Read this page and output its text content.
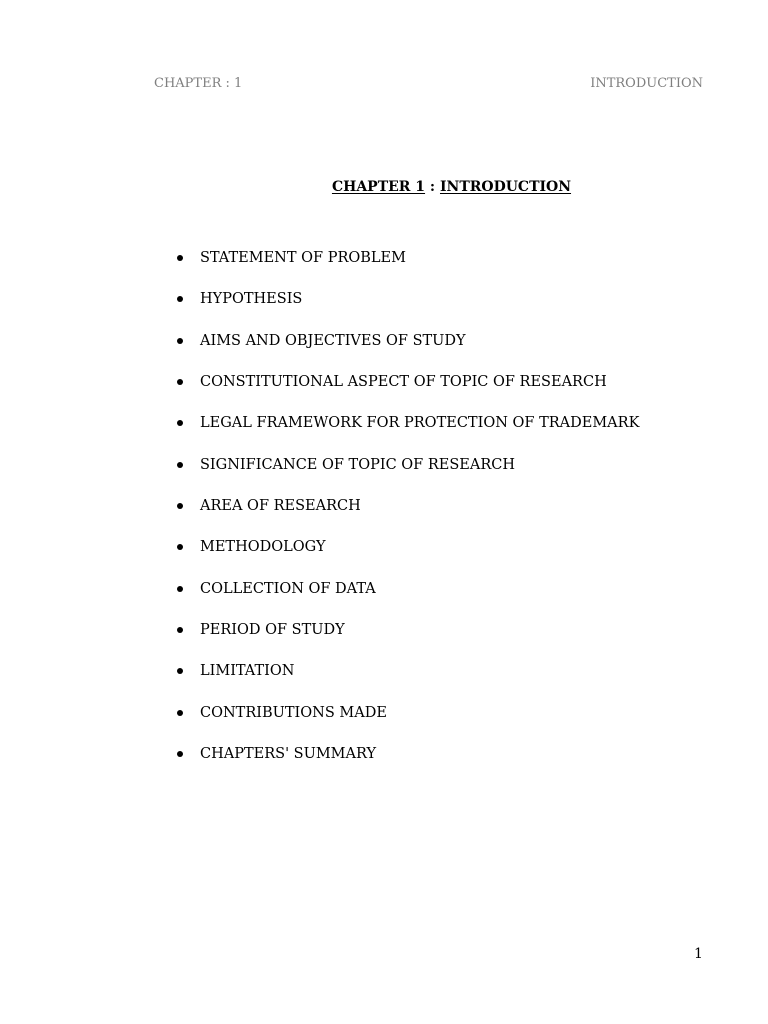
CHAPTER : 1	INTRODUCTION
CHAPTER 1 : INTRODUCTION
STATEMENT OF PROBLEM
HYPOTHESIS
AIMS AND OBJECTIVES OF STUDY
CONSTITUTIONAL ASPECT OF TOPIC OF RESEARCH
LEGAL FRAMEWORK FOR PROTECTION OF TRADEMARK
SIGNIFICANCE OF TOPIC OF RESEARCH
AREA OF RESEARCH
METHODOLOGY
COLLECTION OF DATA
PERIOD OF STUDY
LIMITATION
CONTRIBUTIONS MADE
CHAPTERS' SUMMARY
1
